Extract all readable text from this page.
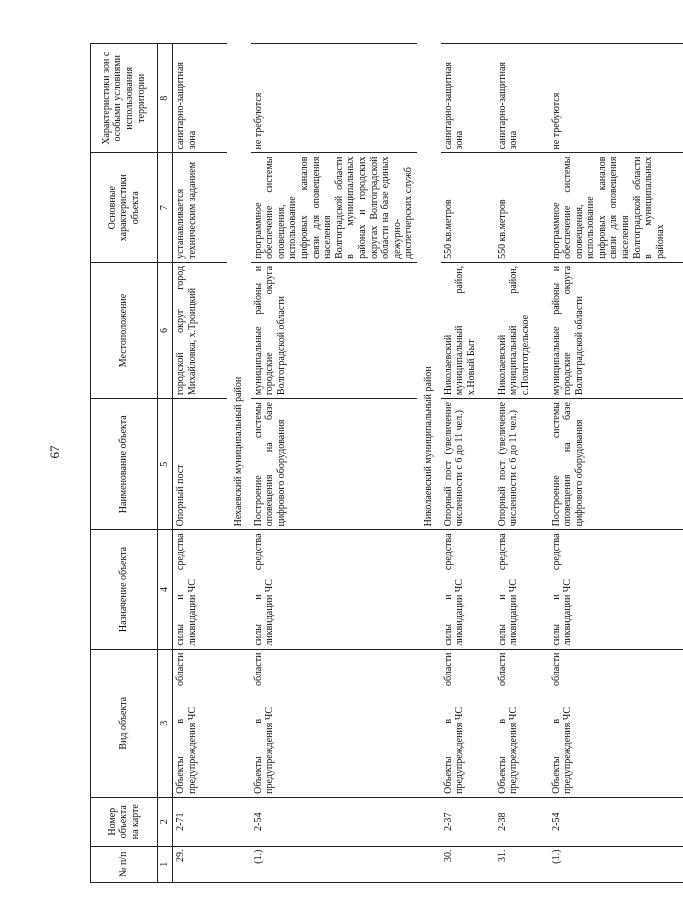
67
№ п/п	Номер объекта на карте	Вид объекта	Назначение объекта	Наименование объекта	Местоположение	Основные характеристики объекта	Характеристики зон с особыми условиями использования территории
1	2	3	4	5	6	7	8
29.	2-71	Объекты в области предупреждения ЧС	силы и средства ликвидации ЧС	Опорный пост	городской округ город Михайловка, х.Троицкий	устанавливается техническим заданием	санитарно-защитная зона
				Нехаевский муниципальный район			
(1.)	2-54	Объекты в области предупреждения ЧС	силы и средства ликвидации ЧС	Построение системы оповещения на базе цифрового оборудования	муниципальные районы и городские округа Волгоградской области	программное обеспечение системы оповещения, использование цифровых каналов связи для оповещения населения Волгоградской области в муниципальных районах и городских округах Волгоградской области на базе единых дежурно-диспетчерских служб	не требуются
				Николаевский муниципальный район			
30.	2-37	Объекты в области предупреждения ЧС	силы и средства ликвидации ЧС	Опорный пост (увеличение численности с 6 до 11 чел.)	Николаевский муниципальный район, х.Новый Быт	550 кв.метров	санитарно-защитная зона
31.	2-38	Объекты в области предупреждения ЧС	силы и средства ликвидации ЧС	Опорный пост (увеличение численности с 6 до 11 чел.)	Николаевский муниципальный район, с.Политотдельское	550 кв.метров	санитарно-защитная зона
(1.)	2-54	Объекты в области предупреждения ЧС	силы и средства ликвидации ЧС	Построение системы оповещения на базе цифрового оборудования	муниципальные районы и городские округа Волгоградской области	программное обеспечение системы оповещения, использование цифровых каналов связи для оповещения населения Волгоградской области в муниципальных районах	не требуются
